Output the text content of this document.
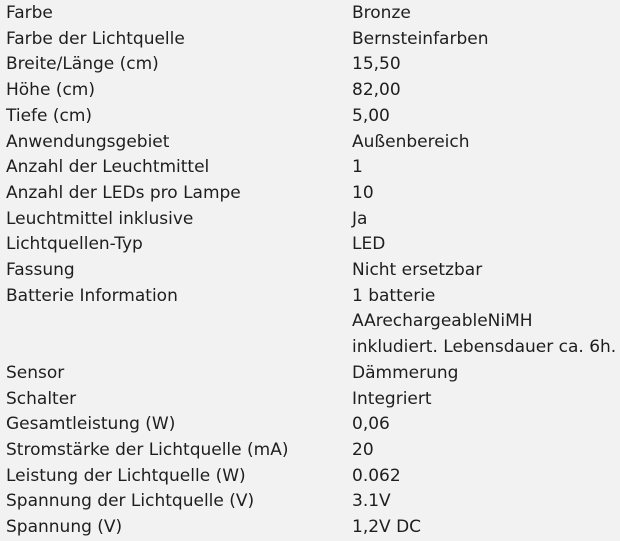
Farbe	Bronze
Farbe der Lichtquelle	Bernsteinfarben
Breite/Länge (cm)	15,50
Höhe (cm)	82,00
Tiefe (cm)	5,00
Anwendungsgebiet	Außenbereich
Anzahl der Leuchtmittel	1
Anzahl der LEDs pro Lampe	10
Leuchtmittel inklusive	Ja
Lichtquellen-Typ	LED
Fassung	Nicht ersetzbar
Batterie Information	1 batterie AArechargeableNiMH
inkludiert. Lebensdauer ca. 6h.
Sensor	Dämmerung
Schalter	Integriert
Gesamtleistung (W)	0,06
Stromstärke der Lichtquelle (mA)	20
Leistung der Lichtquelle (W)	0.062
Spannung der Lichtquelle (V)	3.1V
Spannung (V)	1,2V DC
